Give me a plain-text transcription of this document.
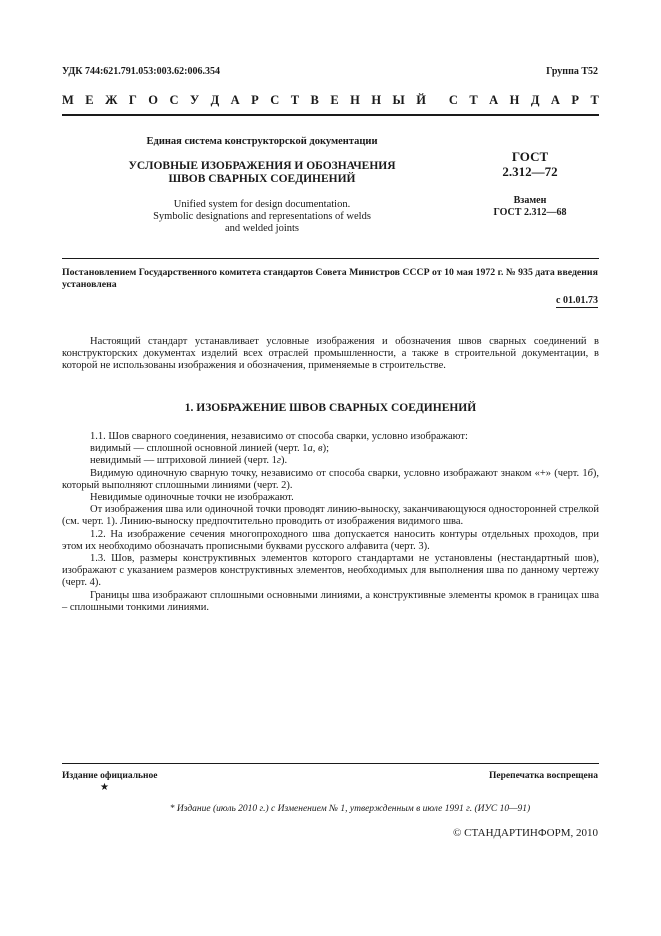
УДК 744:621.791.053:003.62:006.354	Группа Т52
М Е Ж Г О С У Д А Р С Т В Е Н Н Ы Й С Т А Н Д А Р Т
Единая система конструкторской документации
УСЛОВНЫЕ ИЗОБРАЖЕНИЯ И ОБОЗНАЧЕНИЯ
ШВОВ СВАРНЫХ СОЕДИНЕНИЙ
Unified system for design documentation.
Symbolic designations and representations of welds
and welded joints
ГОСТ
2.312—72
Взамен
ГОСТ 2.312—68
Постановлением Государственного комитета стандартов Совета Министров СССР от 10 мая 1972 г. № 935 дата введения установлена
с 01.01.73

Настоящий стандарт устанавливает условные изображения и обозначения швов сварных соединений в конструкторских документах изделий всех отраслей промышленности, а также в строительной документации, в которой не использованы изображения и обозначения, применяемые в строительстве.

1. ИЗОБРАЖЕНИЕ ШВОВ СВАРНЫХ СОЕДИНЕНИЙ

1.1. Шов сварного соединения, независимо от способа сварки, условно изображают:

видимый — сплошной основной линией (черт. 1а, в);

невидимый — штриховой линией (черт. 1г).

Видимую одиночную сварную точку, независимо от способа сварки, условно изображают знаком «+» (черт. 1б), который выполняют сплошными линиями (черт. 2).

Невидимые одиночные точки не изображают.

От изображения шва или одиночной точки проводят линию-выноску, заканчивающуюся односторонней стрелкой (см. черт. 1). Линию-выноску предпочтительно проводить от изображения видимого шва.

1.2. На изображение сечения многопроходного шва допускается наносить контуры отдельных проходов, при этом их необходимо обозначать прописными буквами русского алфавита (черт. 3).

1.3. Шов, размеры конструктивных элементов которого стандартами не установлены (нестандартный шов), изображают с указанием размеров конструктивных элементов, необходимых для выполнения шва по данному чертежу (черт. 4).

Границы шва изображают сплошными основными линиями, а конструктивные элементы кромок в границах шва – сплошными тонкими линиями.

Издание официальное	Перепечатка воспрещена
★
* Издание (июль 2010 г.) с Изменением № 1, утвержденным в июле 1991 г. (ИУС 10—91)
© СТАНДАРТИНФОРМ, 2010
